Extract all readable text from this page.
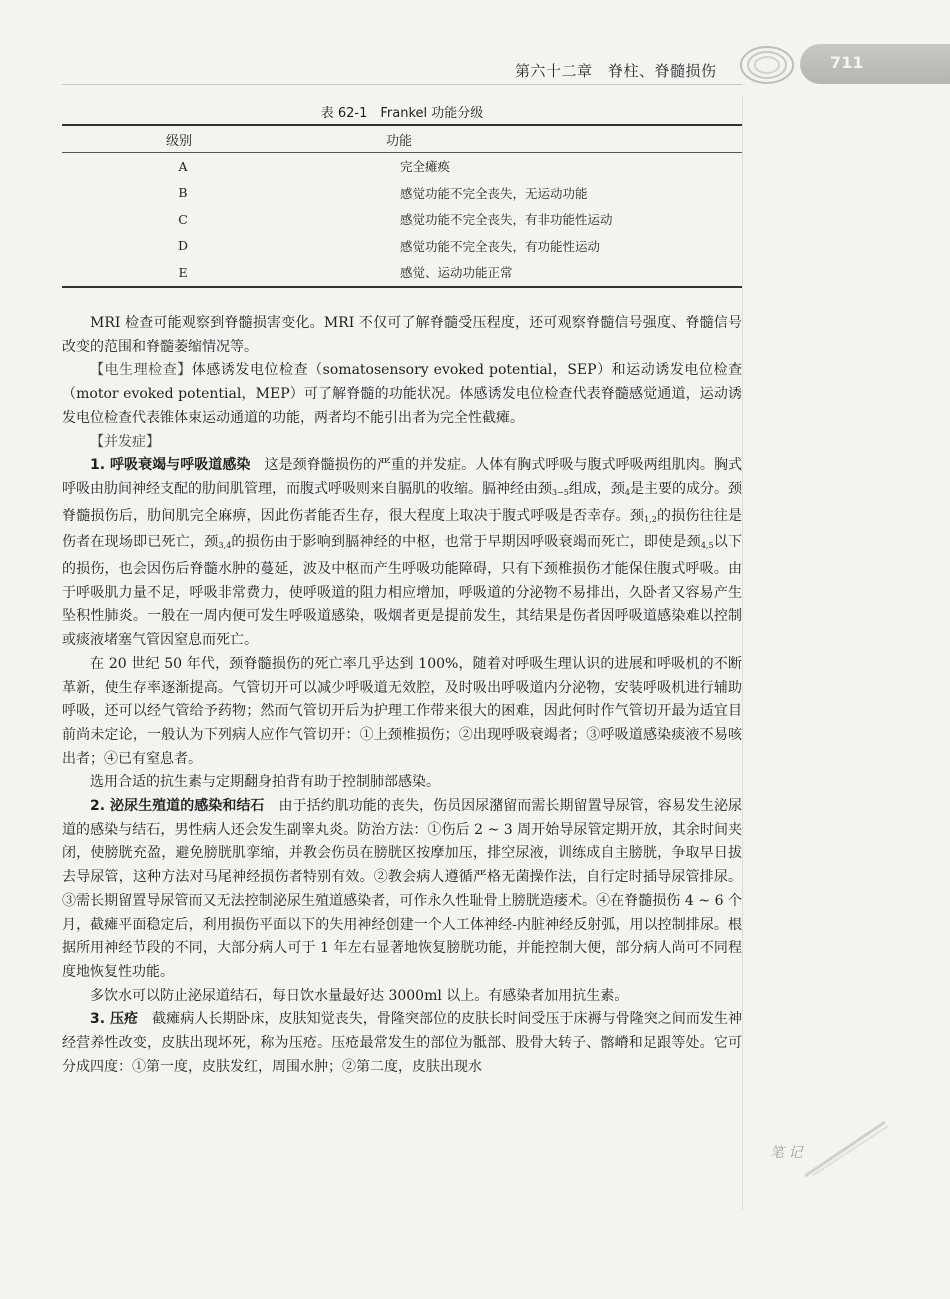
第六十二章　脊柱、脊髓损伤	711
表 62-1　Frankel 功能分级
级别	功能
A	完全瘫痪
B	感觉功能不完全丧失，无运动功能
C	感觉功能不完全丧失，有非功能性运动
D	感觉功能不完全丧失，有功能性运动
E	感觉、运动功能正常

MRI 检查可能观察到脊髓损害变化。MRI 不仅可了解脊髓受压程度，还可观察脊髓信号强度、脊髓信号改变的范围和脊髓萎缩情况等。

【电生理检查】体感诱发电位检查（somatosensory evoked potential，SEP）和运动诱发电位检查（motor evoked potential，MEP）可了解脊髓的功能状况。体感诱发电位检查代表脊髓感觉通道，运动诱发电位检查代表锥体束运动通道的功能，两者均不能引出者为完全性截瘫。

【并发症】

1. 呼吸衰竭与呼吸道感染　 这是颈脊髓损伤的严重的并发症。人体有胸式呼吸与腹式呼吸两组肌肉。胸式呼吸由肋间神经支配的肋间肌管理，而腹式呼吸则来自膈肌的收缩。膈神经由颈$_{3\sim 5}$组成，颈$_4$是主要的成分。颈脊髓损伤后，肋间肌完全麻痹，因此伤者能否生存，很大程度上取决于腹式呼吸是否幸存。颈$_{1,2}$的损伤往往是伤者在现场即已死亡，颈$_{3,4}$的损伤由于影响到膈神经的中枢，也常于早期因呼吸衰竭而死亡，即使是颈$_{4,5}$以下的损伤，也会因伤后脊髓水肿的蔓延，波及中枢而产生呼吸功能障碍，只有下颈椎损伤才能保住腹式呼吸。由于呼吸肌力量不足，呼吸非常费力，使呼吸道的阻力相应增加，呼吸道的分泌物不易排出，久卧者又容易产生坠积性肺炎。一般在一周内便可发生呼吸道感染，吸烟者更是提前发生，其结果是伤者因呼吸道感染难以控制或痰液堵塞气管因窒息而死亡。

在 20 世纪 50 年代，颈脊髓损伤的死亡率几乎达到 100%，随着对呼吸生理认识的进展和呼吸机的不断革新，使生存率逐渐提高。气管切开可以减少呼吸道无效腔，及时吸出呼吸道内分泌物，安装呼吸机进行辅助呼吸，还可以经气管给予药物；然而气管切开后为护理工作带来很大的困难，因此何时作气管切开最为适宜目前尚未定论，一般认为下列病人应作气管切开：①上颈椎损伤；②出现呼吸衰竭者；③呼吸道感染痰液不易咳出者；④已有窒息者。

选用合适的抗生素与定期翻身拍背有助于控制肺部感染。

2. 泌尿生殖道的感染和结石　 由于括约肌功能的丧失，伤员因尿潴留而需长期留置导尿管，容易发生泌尿道的感染与结石，男性病人还会发生副睾丸炎。防治方法：①伤后 2 ~ 3 周开始导尿管定期开放，其余时间夹闭，使膀胱充盈，避免膀胱肌挛缩，并教会伤员在膀胱区按摩加压，排空尿液，训练成自主膀胱，争取早日拔去导尿管，这种方法对马尾神经损伤者特别有效。②教会病人遵循严格无菌操作法，自行定时插导尿管排尿。③需长期留置导尿管而又无法控制泌尿生殖道感染者，可作永久性耻骨上膀胱造瘘术。④在脊髓损伤 4 ~ 6 个月，截瘫平面稳定后，利用损伤平面以下的失用神经创建一个人工体神经-内脏神经反射弧，用以控制排尿。根据所用神经节段的不同，大部分病人可于 1 年左右显著地恢复膀胱功能，并能控制大便，部分病人尚可不同程度地恢复性功能。

多饮水可以防止泌尿道结石，每日饮水量最好达 3000ml 以上。有感染者加用抗生素。

3. 压疮　 截瘫病人长期卧床，皮肤知觉丧失，骨隆突部位的皮肤长时间受压于床褥与骨隆突之间而发生神经营养性改变，皮肤出现坏死，称为压疮。压疮最常发生的部位为骶部、股骨大转子、髂嵴和足跟等处。它可分成四度：①第一度，皮肤发红，周围水肿；②第二度，皮肤出现水

笔 记
